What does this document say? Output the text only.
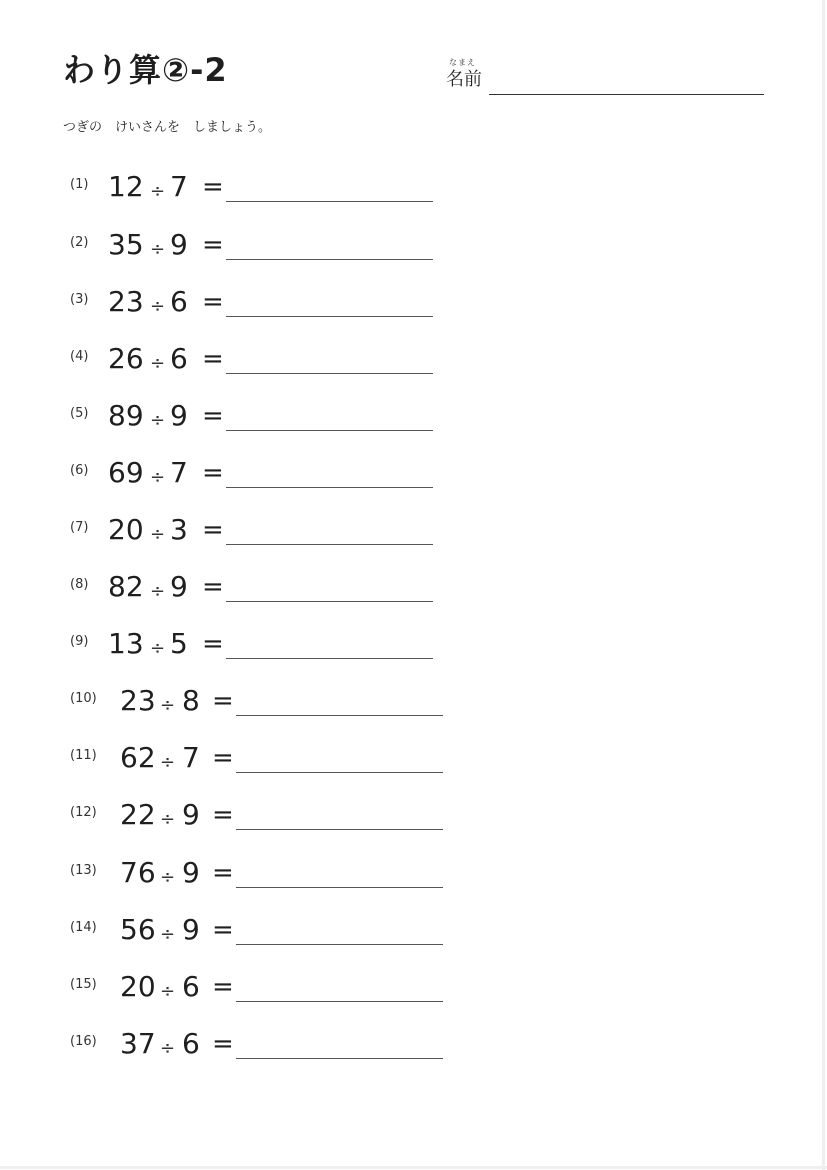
わり算②-2	なまえ
名前
つぎの　けいさんを　しましょう。
(1) 12 ÷ 7 =
(2) 35 ÷ 9 =
(3) 23 ÷ 6 =
(4) 26 ÷ 6 =
(5) 89 ÷ 9 =
(6) 69 ÷ 7 =
(7) 20 ÷ 3 =
(8) 82 ÷ 9 =
(9) 13 ÷ 5 =
(10) 23 ÷ 8 =
(11) 62 ÷ 7 =
(12) 22 ÷ 9 =
(13) 76 ÷ 9 =
(14) 56 ÷ 9 =
(15) 20 ÷ 6 =
(16) 37 ÷ 6 =
